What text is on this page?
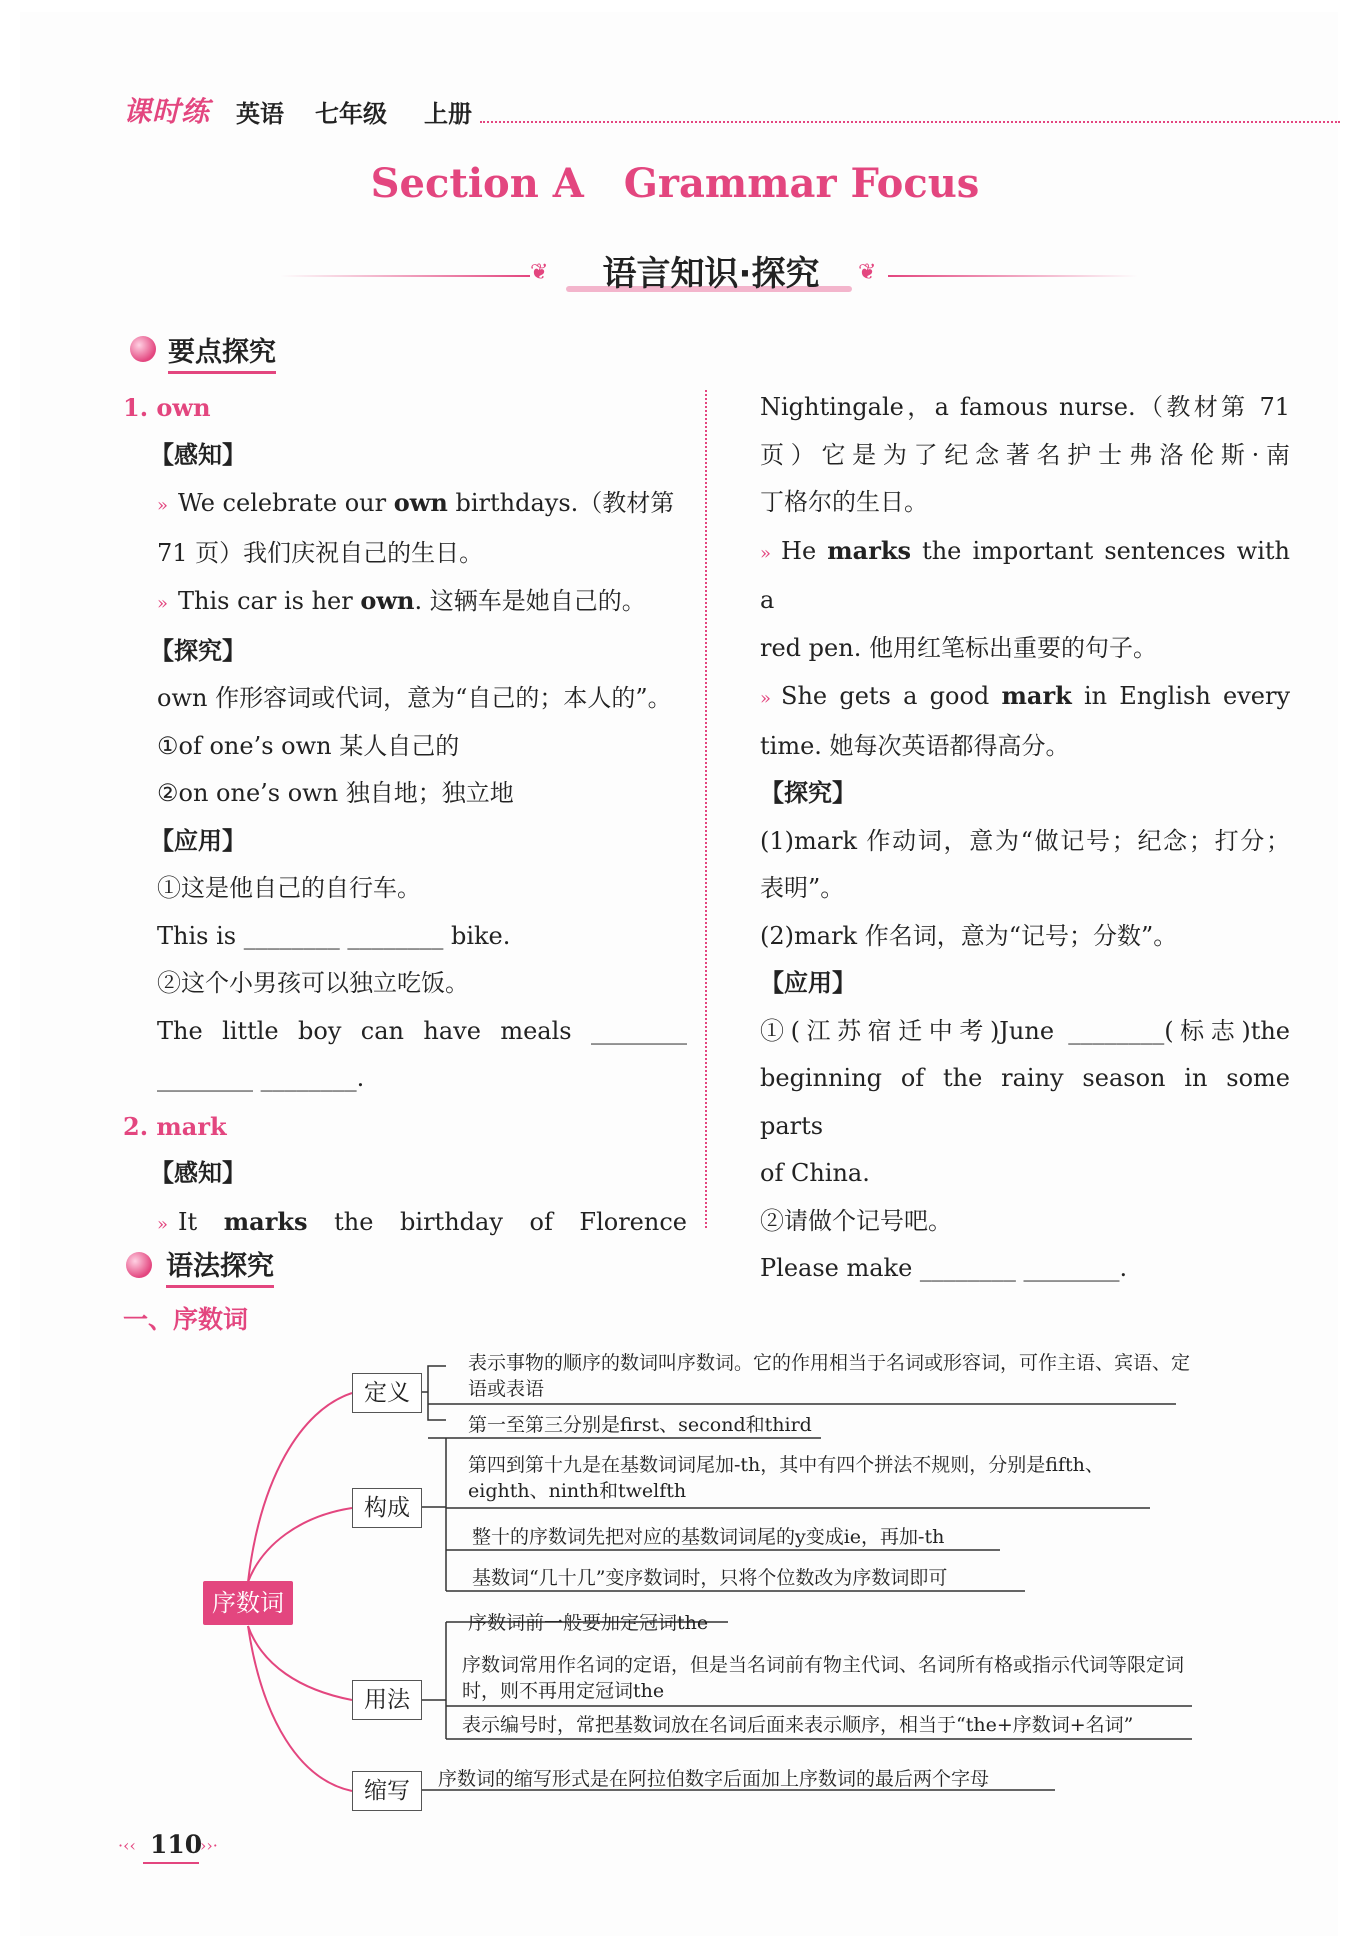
课时练 英语 七年级 上册
Section A　Grammar Focus
❦	❦
语言知识·探究
要点探究

1. own

【感知】

» We celebrate our own birthdays.（教材第

71 页）我们庆祝自己的生日。

» This car is her own. 这辆车是她自己的。

【探究】

own 作形容词或代词，意为“自己的；本人的”。

①of one’s own 某人自己的

②on one’s own 独自地；独立地

【应用】

①这是他自己的自行车。

This is ________ ________ bike.

②这个小男孩可以独立吃饭。

The little boy can have meals ________

________ ________.

2. mark

【感知】

» It marks the birthday of Florence

Nightingale，a famous nurse.（教材第 71

页）它是为了纪念著名护士弗洛伦斯·南

丁格尔的生日。

» He marks the important sentences with a

red pen. 他用红笔标出重要的句子。

» She gets a good mark in English every

time. 她每次英语都得高分。

【探究】

(1)mark 作动词，意为“做记号；纪念；打分；

表明”。

(2)mark 作名词，意为“记号；分数”。

【应用】

①(江苏宿迁中考)June ________(标志)the

beginning of the rainy season in some parts

of China.

②请做个记号吧。

Please make ________ ________.

语法探究
一、序数词
序数词
定义
构成
用法
缩写
表示事物的顺序的数词叫序数词。它的作用相当于名词或形容词，可作主语、宾语、定语或表语
第一至第三分别是first、second和third
第四到第十九是在基数词词尾加-th，其中有四个拼法不规则，分别是fifth、eighth、ninth和twelfth
整十的序数词先把对应的基数词词尾的y变成ie，再加-th
基数词“几十几”变序数词时，只将个位数改为序数词即可
序数词前一般要加定冠词the
序数词常用作名词的定语，但是当名词前有物主代词、名词所有格或指示代词等限定词时，则不再用定冠词the
表示编号时，常把基数词放在名词后面来表示顺序，相当于“the+序数词+名词”
序数词的缩写形式是在阿拉伯数字后面加上序数词的最后两个字母
·‹‹ 110
››·
